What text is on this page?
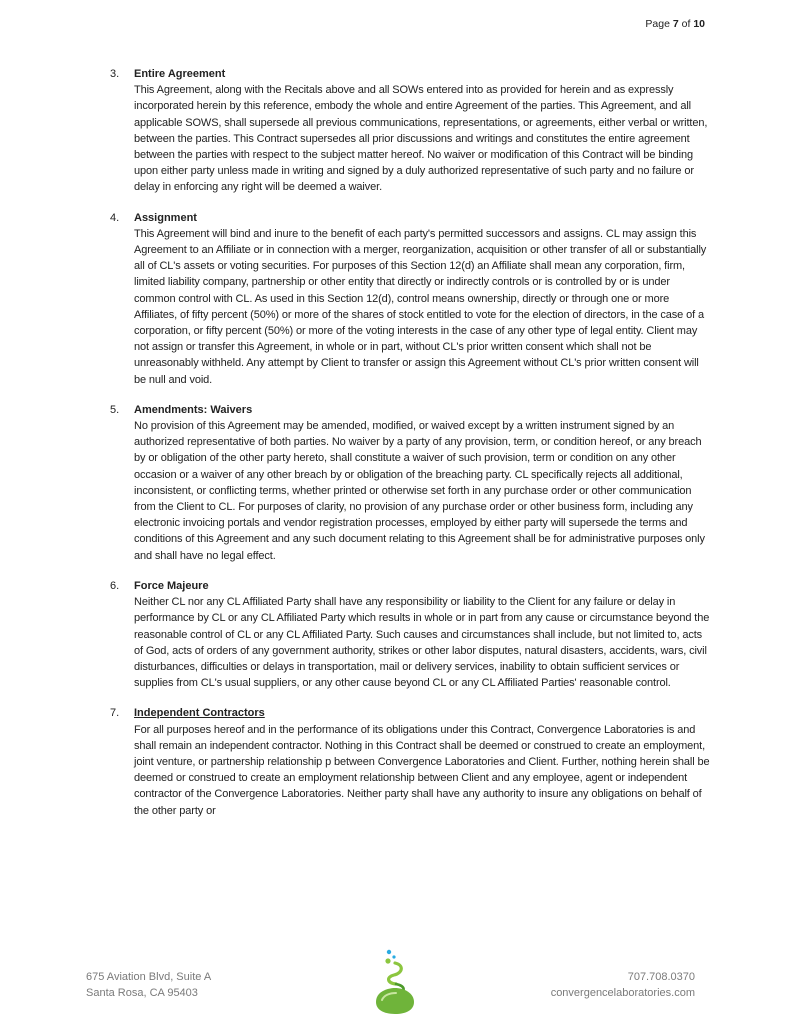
Page 7 of 10
3. Entire Agreement
This Agreement, along with the Recitals above and all SOWs entered into as provided for herein and as expressly incorporated herein by this reference, embody the whole and entire Agreement of the parties. This Agreement, and all applicable SOWS, shall supersede all previous communications, representations, or agreements, either verbal or written, between the parties. This Contract supersedes all prior discussions and writings and constitutes the entire agreement between the parties with respect to the subject matter hereof. No waiver or modification of this Contract will be binding upon either party unless made in writing and signed by a duly authorized representative of such party and no failure or delay in enforcing any right will be deemed a waiver.
4. Assignment
This Agreement will bind and inure to the benefit of each party's permitted successors and assigns. CL may assign this Agreement to an Affiliate or in connection with a merger, reorganization, acquisition or other transfer of all or substantially all of CL's assets or voting securities. For purposes of this Section 12(d) an Affiliate shall mean any corporation, firm, limited liability company, partnership or other entity that directly or indirectly controls or is controlled by or is under common control with CL. As used in this Section 12(d), control means ownership, directly or through one or more Affiliates, of fifty percent (50%) or more of the shares of stock entitled to vote for the election of directors, in the case of a corporation, or fifty percent (50%) or more of the voting interests in the case of any other type of legal entity. Client may not assign or transfer this Agreement, in whole or in part, without CL's prior written consent which shall not be unreasonably withheld. Any attempt by Client to transfer or assign this Agreement without CL's prior written consent will be null and void.
5. Amendments: Waivers
No provision of this Agreement may be amended, modified, or waived except by a written instrument signed by an authorized representative of both parties. No waiver by a party of any provision, term, or condition hereof, or any breach by or obligation of the other party hereto, shall constitute a waiver of such provision, term or condition on any other occasion or a waiver of any other breach by or obligation of the breaching party. CL specifically rejects all additional, inconsistent, or conflicting terms, whether printed or otherwise set forth in any purchase order or other communication from the Client to CL. For purposes of clarity, no provision of any purchase order or other business form, including any electronic invoicing portals and vendor registration processes, employed by either party will supersede the terms and conditions of this Agreement and any such document relating to this Agreement shall be for administrative purposes only and shall have no legal effect.
6. Force Majeure
Neither CL nor any CL Affiliated Party shall have any responsibility or liability to the Client for any failure or delay in performance by CL or any CL Affiliated Party which results in whole or in part from any cause or circumstance beyond the reasonable control of CL or any CL Affiliated Party. Such causes and circumstances shall include, but not limited to, acts of God, acts of orders of any government authority, strikes or other labor disputes, natural disasters, accidents, wars, civil disturbances, difficulties or delays in transportation, mail or delivery services, inability to obtain sufficient services or supplies from CL's usual suppliers, or any other cause beyond CL or any CL Affiliated Parties' reasonable control.
7. Independent Contractors
For all purposes hereof and in the performance of its obligations under this Contract, Convergence Laboratories is and shall remain an independent contractor. Nothing in this Contract shall be deemed or construed to create an employment, joint venture, or partnership relationship p between Convergence Laboratories and Client. Further, nothing herein shall be deemed or construed to create an employment relationship between Client and any employee, agent or independent contractor of the Convergence Laboratories. Neither party shall have any authority to insure any obligations on behalf of the other party or
675 Aviation Blvd, Suite A
Santa Rosa, CA 95403
707.708.0370
convergencelaboratories.com
